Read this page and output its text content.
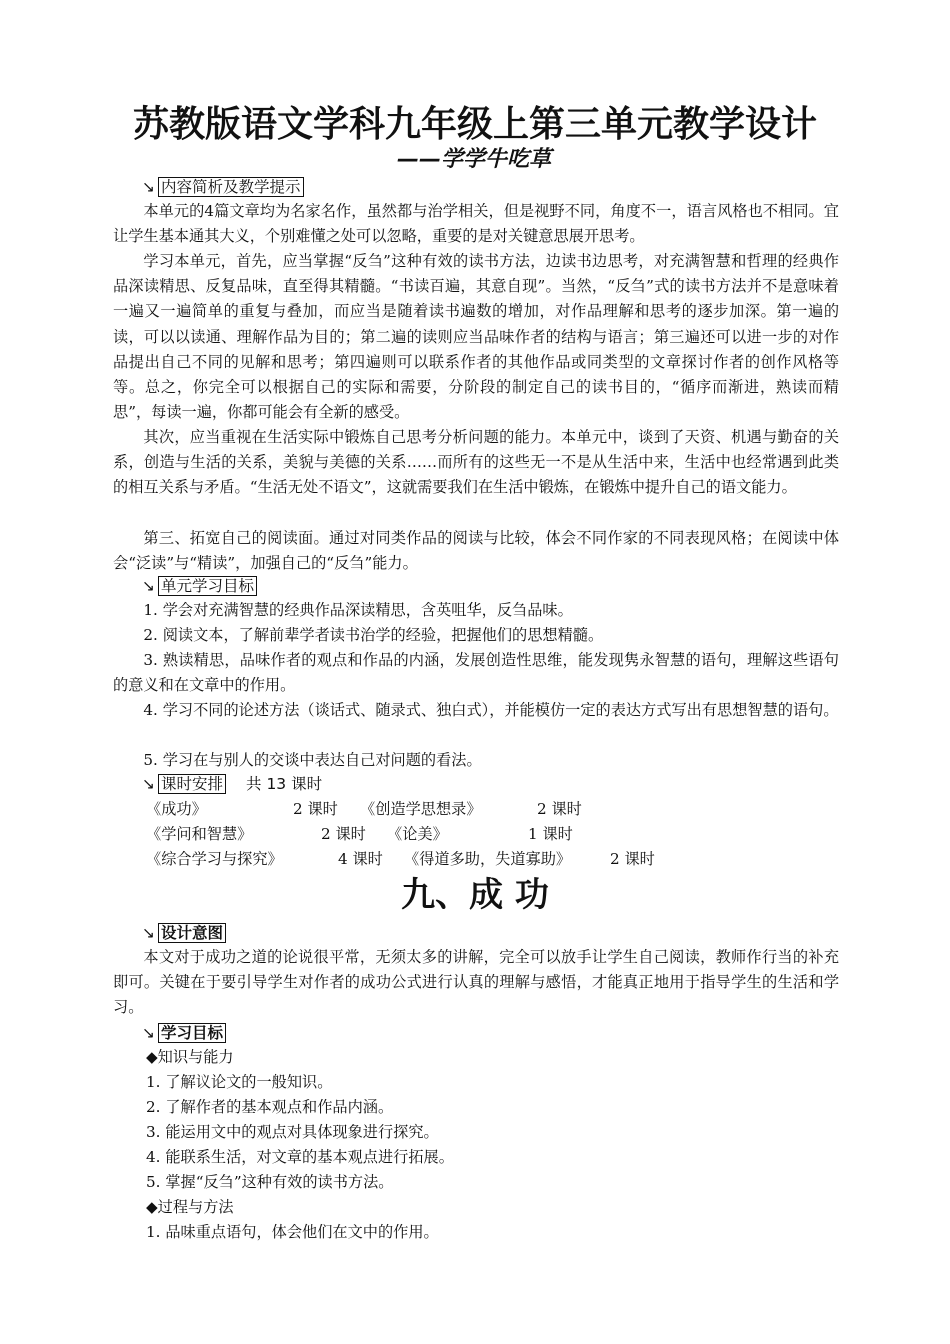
苏教版语文学科九年级上第三单元教学设计
——学学牛吃草
↘ 内容简析及教学提示
本单元的4篇文章均为名家名作，虽然都与治学相关，但是视野不同，角度不一，语言风格也不相同。宜让学生基本通其大义，个别难懂之处可以忽略，重要的是对关键意思展开思考。
学习本单元，首先，应当掌握“反刍”这种有效的读书方法，边读书边思考，对充满智慧和哲理的经典作品深读精思、反复品味，直至得其精髓。“书读百遍，其意自现”。当然，“反刍”式的读书方法并不是意味着一遍又一遍简单的重复与叠加，而应当是随着读书遍数的增加，对作品理解和思考的逐步加深。第一遍的读，可以以读通、理解作品为目的；第二遍的读则应当品味作者的结构与语言；第三遍还可以进一步的对作品提出自己不同的见解和思考；第四遍则可以联系作者的其他作品或同类型的文章探讨作者的创作风格等等。总之，你完全可以根据自己的实际和需要，分阶段的制定自己的读书目的，“循序而渐进，熟读而精思”，每读一遍，你都可能会有全新的感受。
其次，应当重视在生活实际中锻炼自己思考分析问题的能力。本单元中，谈到了天资、机遇与勤奋的关系，创造与生活的关系，美貌与美德的关系……而所有的这些无一不是从生活中来，生活中也经常遇到此类的相互关系与矛盾。“生活无处不语文”，这就需要我们在生活中锻炼，在锻炼中提升自己的语文能力。
第三、拓宽自己的阅读面。通过对同类作品的阅读与比较，体会不同作家的不同表现风格；在阅读中体会“泛读”与“精读”，加强自己的“反刍”能力。
↘ 单元学习目标
1. 学会对充满智慧的经典作品深读精思，含英咀华，反刍品味。
2. 阅读文本，了解前辈学者读书治学的经验，把握他们的思想精髓。
3. 熟读精思，品味作者的观点和作品的内涵，发展创造性思维，能发现隽永智慧的语句，理解这些语句的意义和在文章中的作用。
4. 学习不同的论述方法（谈话式、随录式、独白式），并能模仿一定的表达方式写出有思想智慧的语句。
5. 学习在与别人的交谈中表达自己对问题的看法。
↘ 课时安排 共 13 课时
《成功》	2 课时 《创造学思想录》	2 课时
《学问和智慧》	2 课时 《论美》	1 课时
《综合学习与探究》	4 课时 《得道多助，失道寡助》	2 课时
九、成 功
↘ 设计意图
本文对于成功之道的论说很平常，无须太多的讲解，完全可以放手让学生自己阅读，教师作行当的补充即可。关键在于要引导学生对作者的成功公式进行认真的理解与感悟，才能真正地用于指导学生的生活和学习。
↘ 学习目标
◆知识与能力
1. 了解议论文的一般知识。
2. 了解作者的基本观点和作品内涵。
3. 能运用文中的观点对具体现象进行探究。
4. 能联系生活，对文章的基本观点进行拓展。
5. 掌握“反刍”这种有效的读书方法。
◆过程与方法
1. 品味重点语句，体会他们在文中的作用。
